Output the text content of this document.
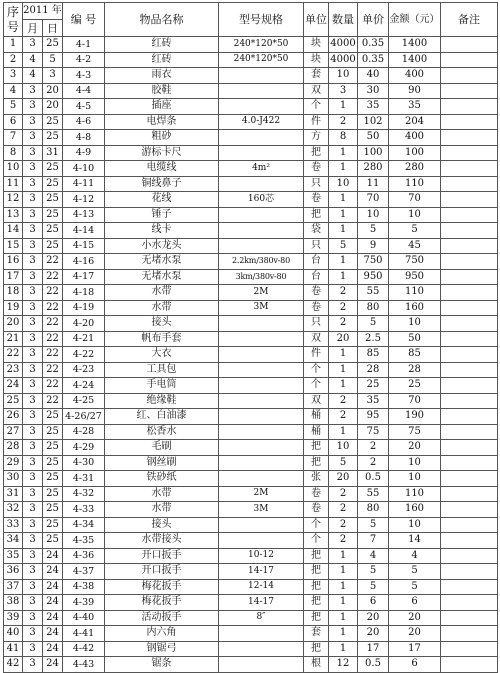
序号	2011 年		编 号	物品名称	型号规格	单位	数量	单价	金额（元）	备注
	月	日								
1	3	25	4-1	红砖	240*120*50	块	4000	0.35	1400	
2	4	5	4-2	红砖	240*120*50	块	4000	0.35	1400	
3	4	3	4-3	雨衣		套	10	40	400	
4	3	20	4-4	胶鞋		双	3	30	90	
5	3	20	4-5	插座		个	1	35	35	
6	3	25	4-6	电焊条	4.0-J422	件	2	102	204	
7	3	25	4-8	粗砂		方	8	50	400	
8	3	31	4-9	游标卡尺		把	1	100	100	
10	3	25	4-10	电缆线	4m²	卷	1	280	280	
11	3	25	4-11	铜线鼻子		只	10	11	110	
12	3	25	4-12	花线	160芯	卷	1	70	70	
13	3	25	4-13	锤子		把	1	10	10	
14	3	25	4-14	线卡		袋	1	5	5	
15	3	25	4-15	小水龙头		只	5	9	45	
16	3	22	4-16	无堵水泵	2.2km/380v-80	台	1	750	750	
17	3	22	4-17	无堵水泵	3km/380v-80	台	1	950	950	
18	3	22	4-18	水带	2M	卷	2	55	110	
19	3	22	4-19	水带	3M	卷	2	80	160	
20	3	22	4-20	接头		只	2	5	10	
21	3	22	4-21	帆布手套		双	20	2.5	50	
22	3	22	4-22	大衣		件	1	85	85	
23	3	22	4-23	工具包		个	1	28	28	
24	3	22	4-24	手电筒		个	1	25	25	
25	3	22	4-25	绝缘鞋		双	2	35	70	
26	3	25	4-26/27	红、白油漆		桶	2	95	190	
27	3	25	4-28	松香水		桶	1	75	75	
28	3	25	4-29	毛刷		把	10	2	20	
29	3	25	4-30	钢丝刷		把	5	2	10	
30	3	25	4-31	铁砂纸		张	20	0.5	10	
31	3	25	4-32	水带	2M	卷	2	55	110	
32	3	25	4-33	水带	3M	卷	2	80	160	
33	3	25	4-34	接头		个	2	5	10	
34	3	25	4-35	水带接头		个	2	7	14	
35	3	24	4-36	开口扳手	10-12	把	1	4	4	
36	3	24	4-37	开口扳手	14-17	把	1	5	5	
37	3	24	4-38	梅花扳手	12-14	把	1	5	5	
38	3	24	4-39	梅花扳手	14-17	把	1	6	6	
39	3	24	4-40	活动扳手	8″	把	1	20	20	
40	3	24	4-41	内六角		套	1	20	20	
41	3	24	4-42	钢锯弓		把	1	17	17	
42	3	24	4-43	锯条		根	12	0.5	6	
